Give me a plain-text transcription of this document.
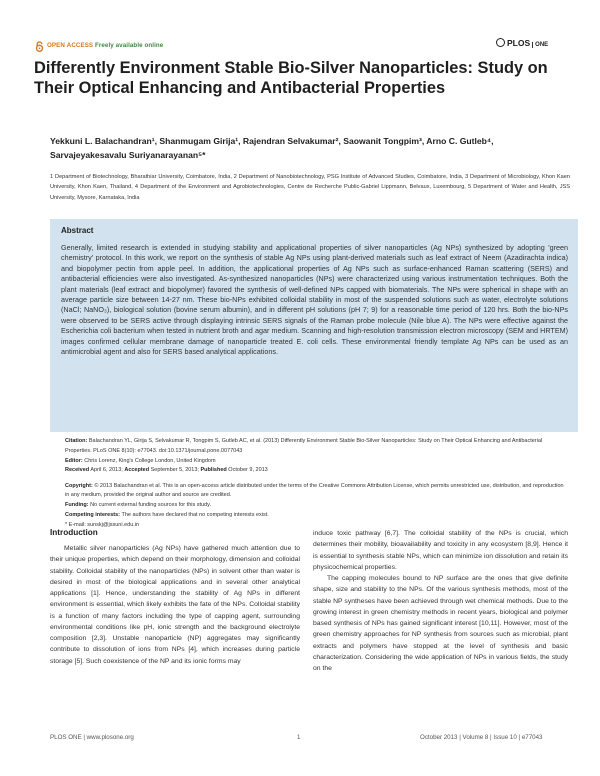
OPEN ACCESS Freely available online	PLOS ONE
Differently Environment Stable Bio-Silver Nanoparticles: Study on Their Optical Enhancing and Antibacterial Properties
Yekkuni L. Balachandran¹, Shanmugam Girija¹, Rajendran Selvakumar², Saowanit Tongpim³, Arno C. Gutleb⁴, Sarvajeyakesavalu Suriyanarayanan⁵*
1 Department of Biotechnology, Bharathiar University, Coimbatore, India, 2 Department of Nanobiotechnology, PSG Institute of Advanced Studies, Coimbatore, India, 3 Department of Microbiology, Khon Kaen University, Khon Kaen, Thailand, 4 Department of the Environment and Agrobiotechnologies, Centre de Recherche Public-Gabriel Lippmann, Belvaux, Luxembourg, 5 Department of Water and Health, JSS University, Mysore, Karnataka, India
Abstract
Generally, limited research is extended in studying stability and applicational properties of silver nanoparticles (Ag NPs) synthesized by adopting 'green chemistry' protocol. In this work, we report on the synthesis of stable Ag NPs using plant-derived materials such as leaf extract of Neem (Azadirachta indica) and biopolymer pectin from apple peel. In addition, the applicational properties of Ag NPs such as surface-enhanced Raman scattering (SERS) and antibacterial efficiencies were also investigated. As-synthesized nanoparticles (NPs) were characterized using various instrumentation techniques. Both the plant materials (leaf extract and biopolymer) favored the synthesis of well-defined NPs capped with biomaterials. The NPs were spherical in shape with an average particle size between 14-27 nm. These bio-NPs exhibited colloidal stability in most of the suspended solutions such as water, electrolyte solutions (NaCl; NaNO₃), biological solution (bovine serum albumin), and in different pH solutions (pH 7; 9) for a reasonable time period of 120 hrs. Both the bio-NPs were observed to be SERS active through displaying intrinsic SERS signals of the Raman probe molecule (Nile blue A). The NPs were effective against the Escherichia coli bacterium when tested in nutrient broth and agar medium. Scanning and high-resolution transmission electron microscopy (SEM and HRTEM) images confirmed cellular membrane damage of nanoparticle treated E. coli cells. These environmental friendly template Ag NPs can be used as an antimicrobial agent and also for SERS based analytical applications.

Citation: Balachandran YL, Girija S, Selvakumar R, Tongpim S, Gutleb AC, et al. (2013) Differently Environment Stable Bio-Silver Nanoparticles: Study on Their Optical Enhancing and Antibacterial Properties. PLoS ONE 8(10): e77043. doi:10.1371/journal.pone.0077043

Editor: Chris Lorenz, King's College London, United Kingdom

Received April 6, 2013; Accepted September 5, 2013; Published October 9, 2013

Copyright: © 2013 Balachandran et al. This is an open-access article distributed under the terms of the Creative Commons Attribution License, which permits unrestricted use, distribution, and reproduction in any medium, provided the original author and source are credited.

Funding: No current external funding sources for this study.

Competing interests: The authors have declared that no competing interests exist.

* E-mail: sunskj@jssuni.edu.in

Introduction

Metallic silver nanoparticles (Ag NPs) have gathered much attention due to their unique properties, which depend on their morphology, dimension and colloidal stability. Colloidal stability of the nanoparticles (NPs) in solvent other than water is desired in most of the biological applications and in several other analytical applications [1]. Hence, understanding the stability of Ag NPs in different environment is essential, which likely exhibits the fate of the NPs. Colloidal stability is a function of many factors including the type of capping agent, surrounding environmental conditions like pH, ionic strength and the background electrolyte composition [2,3]. Unstable nanoparticle (NP) aggregates may significantly contribute to dissolution of ions from NPs [4], which increases during particle storage [5]. Such coexistence of the NP and its ionic forms may

induce toxic pathway [6,7]. The colloidal stability of the NPs is crucial, which determines their mobility, bioavailability and toxicity in any ecosystem [8,9]. Hence it is essential to synthesis stable NPs, which can minimize ion dissolution and retain its physicochemical properties.

The capping molecules bound to NP surface are the ones that give definite shape, size and stability to the NPs. Of the various synthesis methods, most of the stable NP syntheses have been achieved through wet chemical methods. Due to the growing interest in green chemistry methods in recent years, biological and polymer based synthesis of NPs has gained significant interest [10,11]. However, most of the green chemistry approaches for NP synthesis from sources such as microbial, plant extracts and polymers have stopped at the level of synthesis and basic characterization. Considering the wide application of NPs in various fields, the study on the

PLOS ONE | www.plosone.org	1	October 2013 | Volume 8 | Issue 10 | e77043
